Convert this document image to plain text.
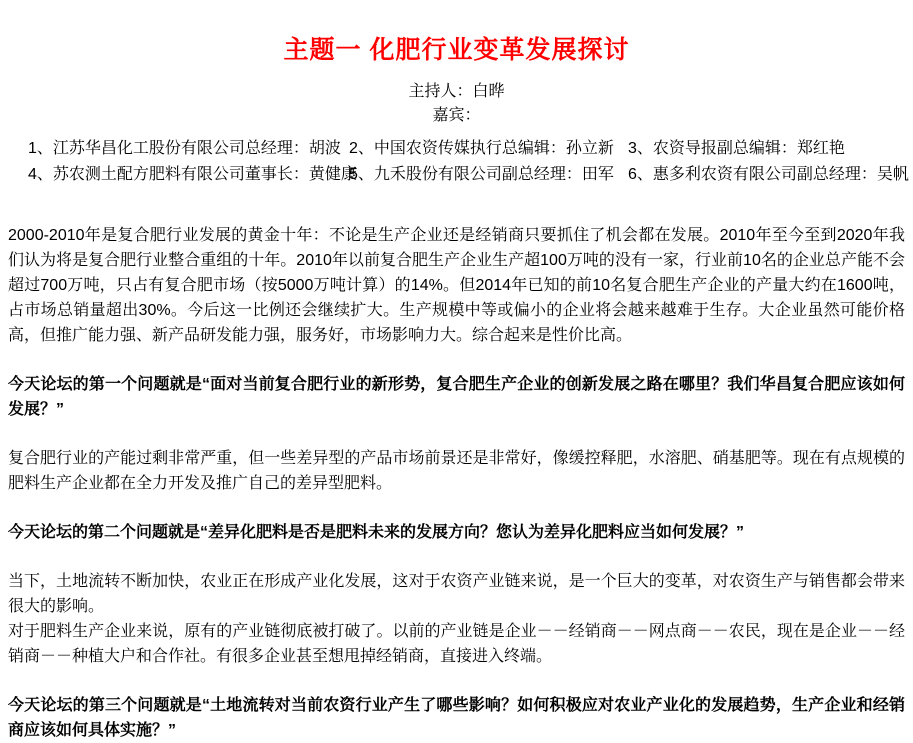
主题一 化肥行业变革发展探讨
主持人：白晔
嘉宾：
1、江苏华昌化工股份有限公司总经理：胡波 2、中国农资传媒执行总编辑：孙立新 3、农资导报副总编辑：郑红艳
4、苏农测土配方肥料有限公司董事长：黄健康
5、九禾股份有限公司副总经理：田军 6、惠多利农资有限公司副总经理：吴帆
2000-2010年是复合肥行业发展的黄金十年：不论是生产企业还是经销商只要抓住了机会都在发展。2010年至今至到2020年我们认为将是复合肥行业整合重组的十年。2010年以前复合肥生产企业生产超100万吨的没有一家，行业前10名的企业总产能不会超过700万吨，只占有复合肥市场（按5000万吨计算）的14%。但2014年已知的前10名复合肥生产企业的产量大约在1600吨，占市场总销量超出30%。今后这一比例还会继续扩大。生产规模中等或偏小的企业将会越来越难于生存。大企业虽然可能价格高，但推广能力强、新产品研发能力强，服务好，市场影响力大。综合起来是性价比高。
今天论坛的第一个问题就是“面对当前复合肥行业的新形势，复合肥生产企业的创新发展之路在哪里？我们华昌复合肥应该如何发展？”
复合肥行业的产能过剩非常严重，但一些差异型的产品市场前景还是非常好，像缓控释肥，水溶肥、硝基肥等。现在有点规模的肥料生产企业都在全力开发及推广自己的差异型肥料。
今天论坛的第二个问题就是“差异化肥料是否是肥料未来的发展方向？您认为差异化肥料应当如何发展？”
当下，土地流转不断加快，农业正在形成产业化发展，这对于农资产业链来说，是一个巨大的变革，对农资生产与销售都会带来很大的影响。
对于肥料生产企业来说，原有的产业链彻底被打破了。以前的产业链是企业－－经销商－－网点商－－农民，现在是企业－－经销商－－种植大户和合作社。有很多企业甚至想甩掉经销商，直接进入终端。
今天论坛的第三个问题就是“土地流转对当前农资行业产生了哪些影响？如何积极应对农业产业化的发展趋势，生产企业和经销商应该如何具体实施？”
